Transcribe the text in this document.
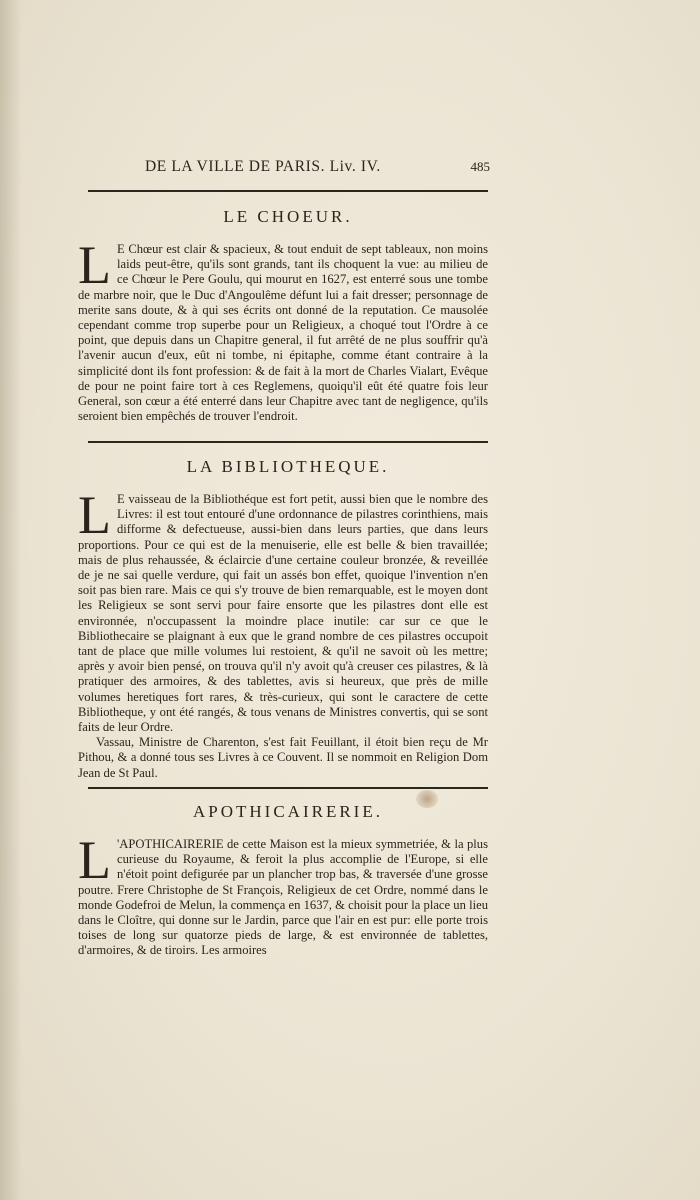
DE LA VILLE DE PARIS. Liv. IV.	485
LE CHOEUR.
L E Chœur est clair & spacieux, & tout enduit de sept tableaux, non moins laids peut-être, qu'ils sont grands, tant ils choquent la vue: au milieu de ce Chœur le Pere Goulu, qui mourut en 1627, est enterré sous une tombe de marbre noir, que le Duc d'Angoulême défunt lui a fait dresser; personnage de merite sans doute, & à qui ses écrits ont donné de la reputation. Ce mausolée cependant comme trop superbe pour un Religieux, a choqué tout l'Ordre à ce point, que depuis dans un Chapitre general, il fut arrêté de ne plus souffrir qu'à l'avenir aucun d'eux, eût ni tombe, ni épitaphe, comme étant contraire à la simplicité dont ils font profession: & de fait à la mort de Charles Vialart, Evêque de pour ne point faire tort à ces Reglemens, quoiqu'il eût été quatre fois leur General, son cœur a été enterré dans leur Chapitre avec tant de negligence, qu'ils seroient bien empêchés de trouver l'endroit.
LA BIBLIOTHEQUE.
L E vaisseau de la Bibliothéque est fort petit, aussi bien que le nombre des Livres: il est tout entouré d'une ordonnance de pilastres corinthiens, mais difforme & defectueuse, aussi-bien dans leurs parties, que dans leurs proportions. Pour ce qui est de la menuiserie, elle est belle & bien travaillée; mais de plus rehaussée, & éclaircie d'une certaine couleur bronzée, & reveillée de je ne sai quelle verdure, qui fait un assés bon effet, quoique l'invention n'en soit pas bien rare. Mais ce qui s'y trouve de bien remarquable, est le moyen dont les Religieux se sont servi pour faire ensorte que les pilastres dont elle est environnée, n'occupassent la moindre place inutile: car sur ce que le Bibliothecaire se plaignant à eux que le grand nombre de ces pilastres occupoit tant de place que mille volumes lui restoient, & qu'il ne savoit où les mettre; après y avoir bien pensé, on trouva qu'il n'y avoit qu'à creuser ces pilastres, & là pratiquer des armoires, & des tablettes, avis si heureux, que près de mille volumes heretiques fort rares, & très-curieux, qui sont le caractere de cette Bibliotheque, y ont été rangés, & tous venans de Ministres convertis, qui se sont faits de leur Ordre.
Vassau, Ministre de Charenton, s'est fait Feuillant, il étoit bien reçu de Mr Pithou, & a donné tous ses Livres à ce Couvent. Il se nommoit en Religion Dom Jean de St Paul.
APOTHICAIRERIE.
L 'APOTHICAIRERIE de cette Maison est la mieux symmetriée, & la plus curieuse du Royaume, & feroit la plus accomplie de l'Europe, si elle n'étoit point defigurée par un plancher trop bas, & traversée d'une grosse poutre. Frere Christophe de St François, Religieux de cet Ordre, nommé dans le monde Godefroi de Melun, la commença en 1637, & choisit pour la place un lieu dans le Cloître, qui donne sur le Jardin, parce que l'air en est pur: elle porte trois toises de long sur quatorze pieds de large, & est environnée de tablettes, d'armoires, & de tiroirs. Les armoires
